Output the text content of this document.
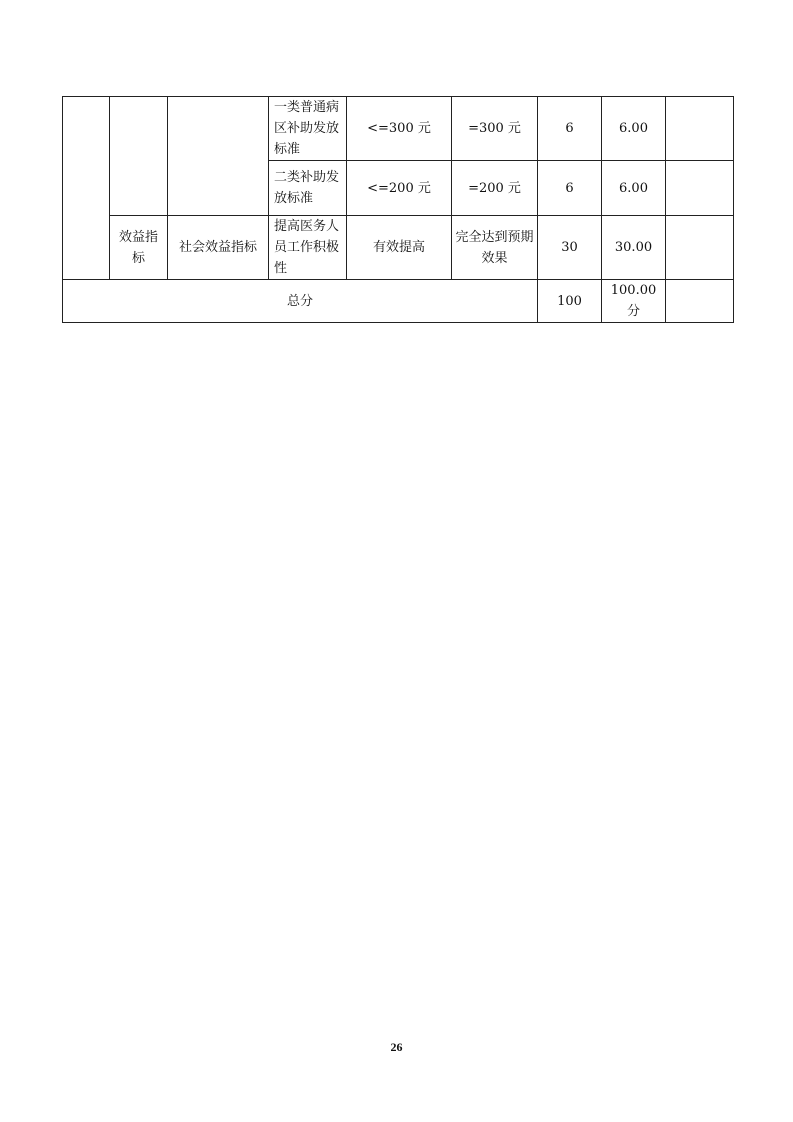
			一类普通病区补助发放标准	<=300 元	=300 元	6	6.00	
			二类补助发放标准	<=200 元	=200 元	6	6.00	
	效益指标	社会效益指标	提高医务人员工作积极性	有效提高	完全达到预期效果	30	30.00	
总分						100	100.00分	
26
